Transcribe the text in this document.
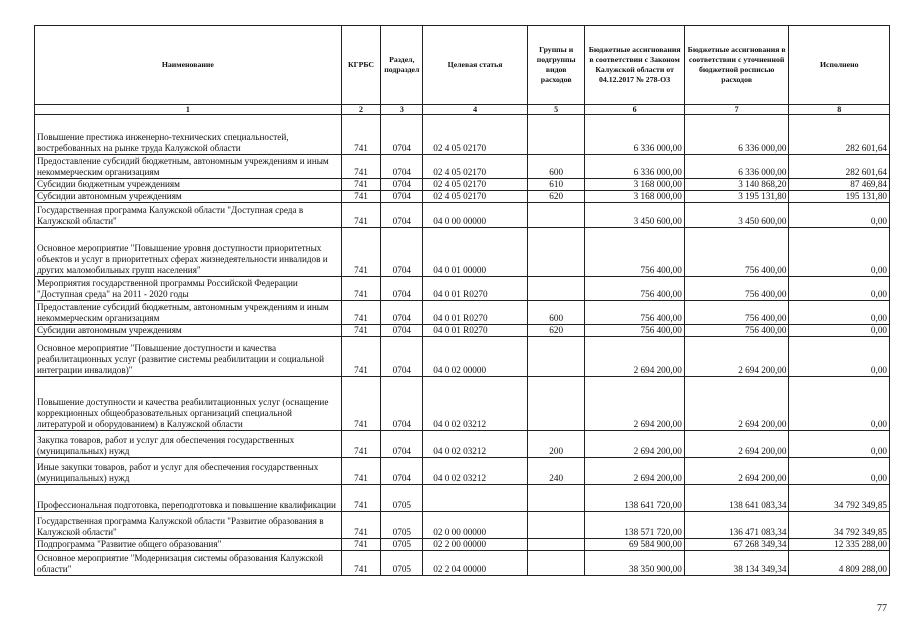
Наименование	КГРБС	Раздел, подраздел	Целевая статья	Группы и подгруппы видов расходов	Бюджетные ассигнования в соответствии с Законом Калужской области от 04.12.2017 № 278-ОЗ	Бюджетные ассигнования в соответствии с уточненной бюджетной росписью расходов	Исполнено
1	2	3	4	5	6	7	8
Повышение престижа инженерно-технических специальностей, востребованных на рынке труда Калужской области	741	0704	02 4 05 02170		6 336 000,00	6 336 000,00	282 601,64
Предоставление субсидий бюджетным, автономным учреждениям и иным некоммерческим организациям	741	0704	02 4 05 02170	600	6 336 000,00	6 336 000,00	282 601,64
Субсидии бюджетным учреждениям	741	0704	02 4 05 02170	610	3 168 000,00	3 140 868,20	87 469,84
Субсидии автономным учреждениям	741	0704	02 4 05 02170	620	3 168 000,00	3 195 131,80	195 131,80
Государственная программа Калужской области "Доступная среда в Калужской области"	741	0704	04 0 00 00000		3 450 600,00	3 450 600,00	0,00
Основное мероприятие "Повышение уровня доступности приоритетных объектов и услуг в приоритетных сферах жизнедеятельности инвалидов и других маломобильных групп населения"	741	0704	04 0 01 00000		756 400,00	756 400,00	0,00
Мероприятия государственной программы Российской Федерации "Доступная среда" на 2011 - 2020 годы	741	0704	04 0 01 R0270		756 400,00	756 400,00	0,00
Предоставление субсидий бюджетным, автономным учреждениям и иным некоммерческим организациям	741	0704	04 0 01 R0270	600	756 400,00	756 400,00	0,00
Субсидии автономным учреждениям	741	0704	04 0 01 R0270	620	756 400,00	756 400,00	0,00
Основное мероприятие "Повышение доступности и качества реабилитационных услуг (развитие системы реабилитации и социальной интеграции инвалидов)"	741	0704	04 0 02 00000		2 694 200,00	2 694 200,00	0,00
Повышение доступности и качества реабилитационных услуг (оснащение коррекционных общеобразовательных организаций специальной литературой и оборудованием) в Калужской области	741	0704	04 0 02 03212		2 694 200,00	2 694 200,00	0,00
Закупка товаров, работ и услуг для обеспечения государственных (муниципальных) нужд	741	0704	04 0 02 03212	200	2 694 200,00	2 694 200,00	0,00
Иные закупки товаров, работ и услуг для обеспечения государственных (муниципальных) нужд	741	0704	04 0 02 03212	240	2 694 200,00	2 694 200,00	0,00
Профессиональная подготовка, переподготовка и повышение квалификации	741	0705			138 641 720,00	138 641 083,34	34 792 349,85
Государственная программа Калужской области "Развитие образования в Калужской области"	741	0705	02 0 00 00000		138 571 720,00	136 471 083,34	34 792 349,85
Подпрограмма "Развитие общего образования"	741	0705	02 2 00 00000		69 584 900,00	67 268 349,34	12 335 288,00
Основное мероприятие "Модернизация системы образования Калужской области"	741	0705	02 2 04 00000		38 350 900,00	38 134 349,34	4 809 288,00
77
